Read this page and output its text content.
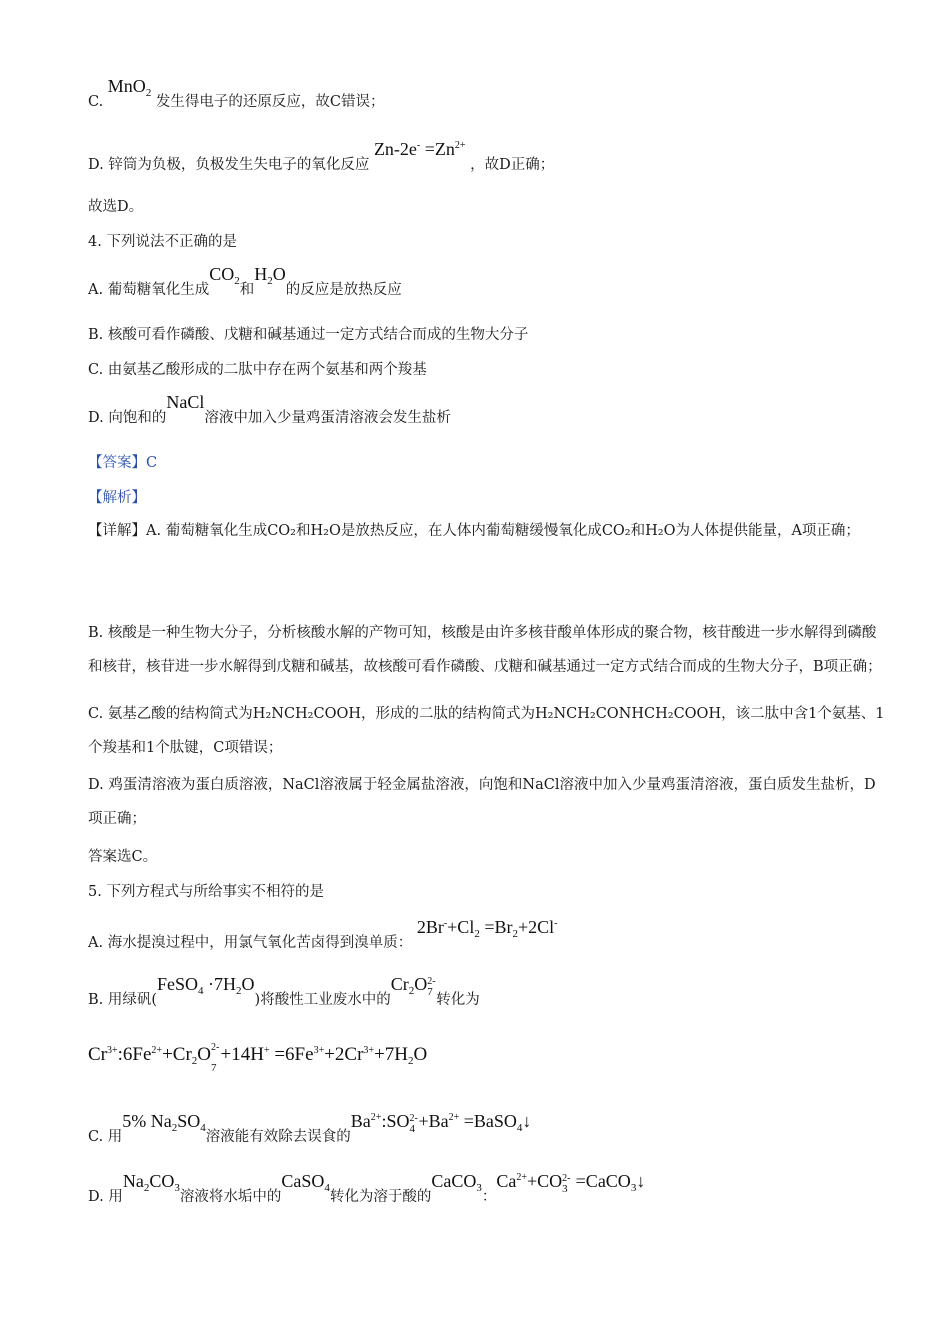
C. MnO$_2$ 发生得电子的还原反应，故C错误；
D. 锌筒为负极，负极发生失电子的氧化反应 $Zn-2e^- =Zn^{2+}$ ，故D正确；
故选D。
4. 下列说法不正确的是
A. 葡萄糖氧化生成$CO_2$和$H_2O$的反应是放热反应
B. 核酸可看作磷酸、戊糖和碱基通过一定方式结合而成的生物大分子
C. 由氨基乙酸形成的二肽中存在两个氨基和两个羧基
D. 向饱和的NaCl溶液中加入少量鸡蛋清溶液会发生盐析
【答案】C
【解析】
【详解】A. 葡萄糖氧化生成CO₂和H₂O是放热反应，在人体内葡萄糖缓慢氧化成CO₂和H₂O为人体提供能量，A项正确；
B. 核酸是一种生物大分子，分析核酸水解的产物可知，核酸是由许多核苷酸单体形成的聚合物，核苷酸进一步水解得到磷酸和核苷，核苷进一步水解得到戊糖和碱基，故核酸可看作磷酸、戊糖和碱基通过一定方式结合而成的生物大分子，B项正确；
C. 氨基乙酸的结构简式为H₂NCH₂COOH，形成的二肽的结构简式为H₂NCH₂CONHCH₂COOH，该二肽中含1个氨基、1个羧基和1个肽键，C项错误；
D. 鸡蛋清溶液为蛋白质溶液，NaCl溶液属于轻金属盐溶液，向饱和NaCl溶液中加入少量鸡蛋清溶液，蛋白质发生盐析，D项正确；
答案选C。
5. 下列方程式与所给事实不相符的是
A. 海水提溴过程中，用氯气氧化苦卤得到溴单质： $2Br^-+Cl_2 =Br_2+2Cl^-$
B. 用绿矾(FeSO$_4$ $\cdot 7H_2O$)将酸性工业废水中的$Cr_2O$ 2-
7 转化为
$Cr^{3+}:6Fe^{2+}+Cr_2O$ 2-
7
$+14H^+ =6Fe^{3+}+2Cr^{3+}+7H_2O$
C. 用5% $Na_2SO_4$溶液能有效除去误食的$Ba^{2+}:SO$ 2-
$4 +Ba^{2+}$ =BaSO$_4$↓
D. 用$Na_2CO_3$溶液将水垢中的CaSO$_4$转化为溶于酸的CaCO$_3$：$Ca^{2+}+CO$ 2-
3 =CaCO$_3$↓
